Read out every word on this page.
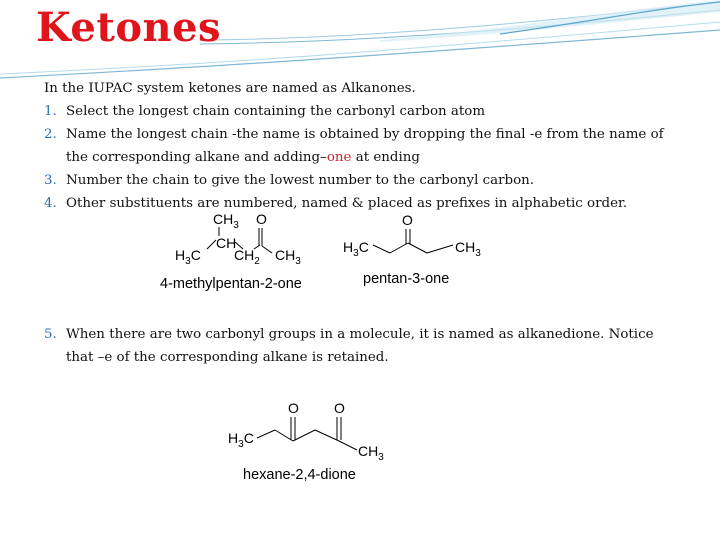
Ketones

In the IUPAC system ketones are named as Alkanones.

1. Select the longest chain containing the carbonyl carbon atom
2. Name the longest chain -the name is obtained by dropping the final -e from the name of the corresponding alkane and adding–one at ending
3. Number the chain to give the lowest number to the carbonyl carbon.
4. Other substituents are numbered, named & placed as prefixes in alphabetic order.
$CH_3$ O
$H_3C$
CH
$CH_2$ $CH_3$
4-methylpentan-2-one
$H_3C$
O
$CH_3$
pentan-3-one
5. When there are two carbonyl groups in a molecule, it is named as alkanedione. Notice that –e of the corresponding alkane is retained.
$H_3C$
O	O
$CH_3$
hexane-2,4-dione
